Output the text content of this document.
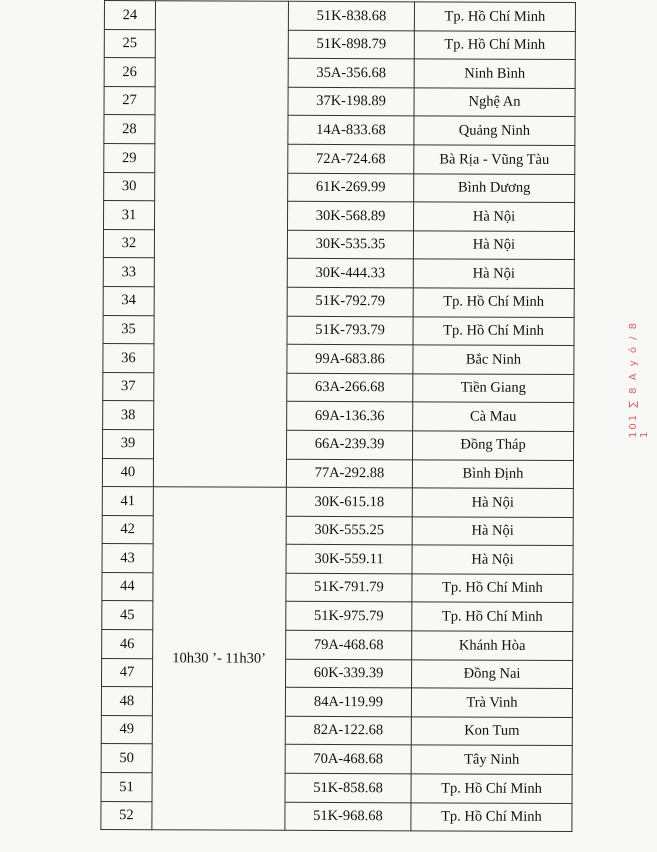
24		51K-838.68	Tp. Hồ Chí Minh
25		51K-898.79	Tp. Hồ Chí Minh
26		35A-356.68	Ninh Bình
27		37K-198.89	Nghệ An
28		14A-833.68	Quảng Ninh
29		72A-724.68	Bà Rịa - Vũng Tàu
30		61K-269.99	Bình Dương
31		30K-568.89	Hà Nội
32		30K-535.35	Hà Nội
33		30K-444.33	Hà Nội
34		51K-792.79	Tp. Hồ Chí Minh
35		51K-793.79	Tp. Hồ Chí Minh
36		99A-683.86	Bắc Ninh
37		63A-266.68	Tiền Giang
38		69A-136.36	Cà Mau
39		66A-239.39	Đồng Tháp
40		77A-292.88	Bình Định
41	10h30 ’- 11h30’	30K-615.18	Hà Nội
42		30K-555.25	Hà Nội
43		30K-559.11	Hà Nội
44		51K-791.79	Tp. Hồ Chí Minh
45		51K-975.79	Tp. Hồ Chí Minh
46		79A-468.68	Khánh Hòa
47		60K-339.39	Đồng Nai
48		84A-119.99	Trà Vinh
49		82A-122.68	Kon Tum
50		70A-468.68	Tây Ninh
51		51K-858.68	Tp. Hồ Chí Minh
52		51K-968.68	Tp. Hồ Chí Minh
101 ∑ 8 A y ó / 8 1
